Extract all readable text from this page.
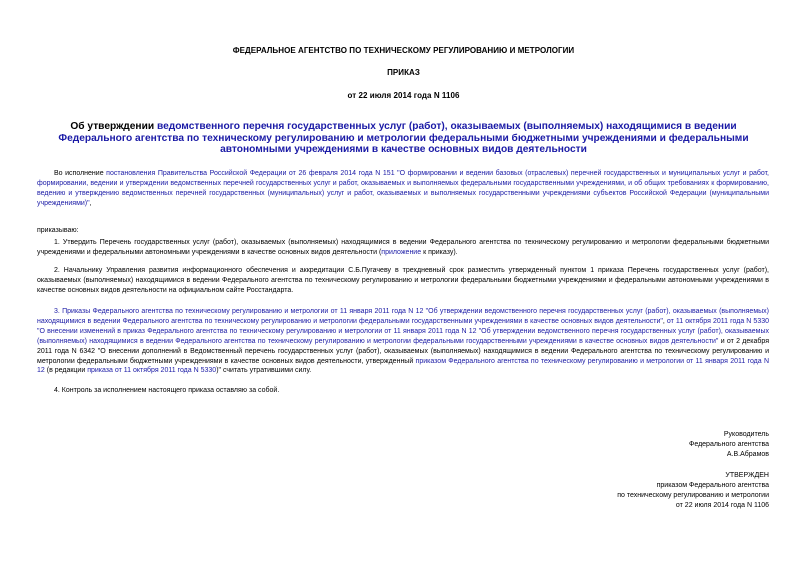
ФЕДЕРАЛЬНОЕ АГЕНТСТВО ПО ТЕХНИЧЕСКОМУ РЕГУЛИРОВАНИЮ И МЕТРОЛОГИИ
ПРИКАЗ
от 22 июля 2014 года N 1106
Об утверждении ведомственного перечня государственных услуг (работ), оказываемых (выполняемых) находящимися в ведении Федерального агентства по техническому регулированию и метрологии федеральными бюджетными учреждениями и федеральными автономными учреждениями в качестве основных видов деятельности
Во исполнение постановления Правительства Российской Федерации от 26 февраля 2014 года N 151 "О формировании и ведении базовых (отраслевых) перечней государственных и муниципальных услуг и работ, формировании, ведении и утверждении ведомственных перечней государственных услуг и работ, оказываемых и выполняемых федеральными государственными учреждениями, и об общих требованиях к формированию, ведению и утверждению ведомственных перечней государственных (муниципальных) услуг и работ, оказываемых и выполняемых государственными учреждениями субъектов Российской Федерации (муниципальными учреждениями)",
приказываю:
1. Утвердить Перечень государственных услуг (работ), оказываемых (выполняемых) находящимися в ведении Федерального агентства по техническому регулированию и метрологии федеральными бюджетными учреждениями и федеральными автономными учреждениями в качестве основных видов деятельности (приложение к приказу).
2. Начальнику Управления развития информационного обеспечения и аккредитации С.Б.Пугачеву в трехдневный срок разместить утвержденный пунктом 1 приказа Перечень государственных услуг (работ), оказываемых (выполняемых) находящимися в ведении Федерального агентства по техническому регулированию и метрологии федеральными бюджетными учреждениями и федеральными автономными учреждениями в качестве основных видов деятельности на официальном сайте Росстандарта.
3. Приказы Федерального агентства по техническому регулированию и метрологии от 11 января 2011 года N 12 "Об утверждении ведомственного перечня государственных услуг (работ), оказываемых (выполняемых) находящимися в ведении Федерального агентства по техническому регулированию и метрологии федеральными государственными учреждениями в качестве основных видов деятельности", от 11 октября 2011 года N 5330 "О внесении изменений в приказ Федерального агентства по техническому регулированию и метрологии от 11 января 2011 года N 12 "Об утверждении ведомственного перечня государственных услуг (работ), оказываемых (выполняемых) находящимися в ведении Федерального агентства по техническому регулированию и метрологии федеральными государственными учреждениями в качестве основных видов деятельности" и от 2 декабря 2011 года N 6342 "О внесении дополнений в Ведомственный перечень государственных услуг (работ), оказываемых (выполняемых) находящимися в ведении Федерального агентства по техническому регулированию и метрологии федеральными бюджетными учреждениями в качестве основных видов деятельности, утвержденный приказом Федерального агентства по техническому регулированию и метрологии от 11 января 2011 года N 12 (в редакции приказа от 11 октября 2011 года N 5330)" считать утратившими силу.
4. Контроль за исполнением настоящего приказа оставляю за собой.
Руководитель
Федерального агентства
А.В.Абрамов
УТВЕРЖДЕН
приказом Федерального агентства
по техническому регулированию и метрологии
от 22 июля 2014 года N 1106
